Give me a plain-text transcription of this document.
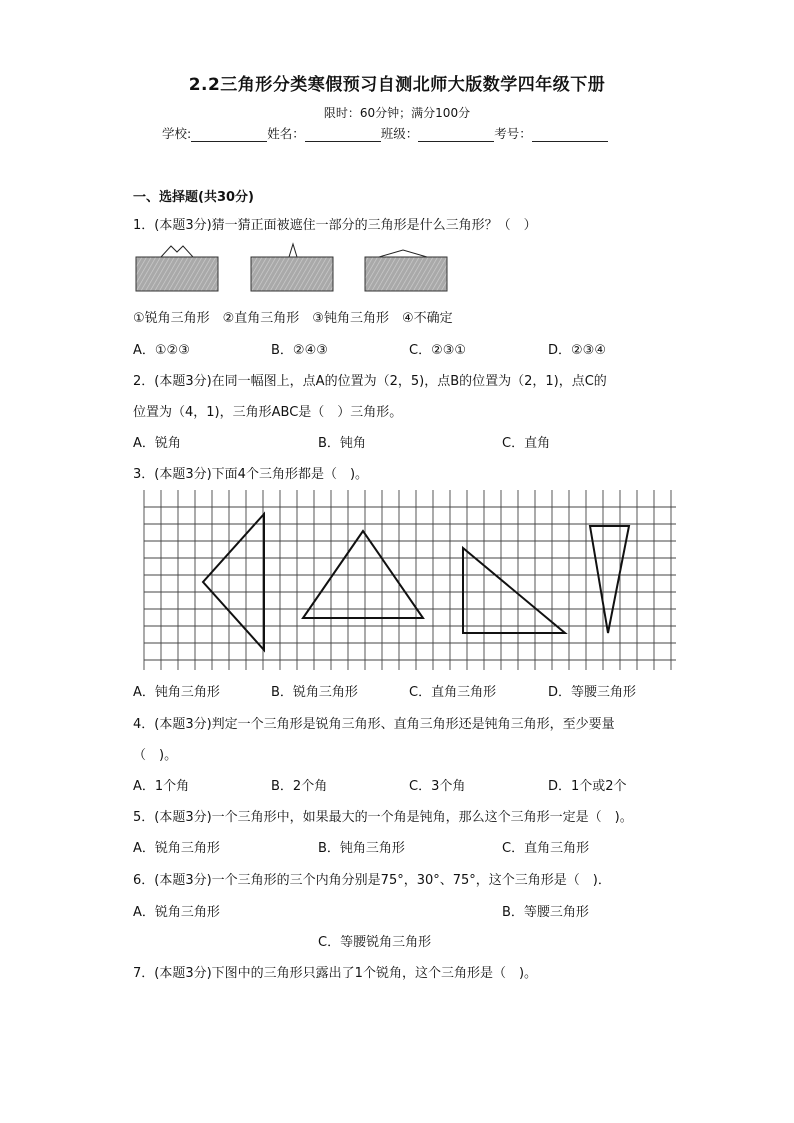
2.2三角形分类寒假预习自测北师大版数学四年级下册
限时：60分钟；满分100分
学校:	姓名：	班级：	考号：
一、选择题(共30分)
1．(本题3分)猜一猜正面被遮住一部分的三角形是什么三角形？（　）
①锐角三角形　②直角三角形　③钝角三角形　④不确定
A．①②③	B．②④③	C．②③①	D．②③④
2．(本题3分)在同一幅图上，点A的位置为（2，5)，点B的位置为（2，1)，点C的
位置为（4，1)，三角形ABC是（　）三角形。
A．锐角	B．钝角	C．直角
3．(本题3分)下面4个三角形都是（　)。
A．钝角三角形	B．锐角三角形	C．直角三角形	D．等腰三角形
4．(本题3分)判定一个三角形是锐角三角形、直角三角形还是钝角三角形，至少要量
（　)。
A．1个角	B．2个角	C．3个角	D．1个或2个
5．(本题3分)一个三角形中，如果最大的一个角是钝角，那么这个三角形一定是（　)。
A．锐角三角形	B．钝角三角形	C．直角三角形
6．(本题3分)一个三角形的三个内角分别是75°，30°、75°，这个三角形是（　)．
A．锐角三角形	B．等腰三角形
C．等腰锐角三角形
7．(本题3分)下图中的三角形只露出了1个锐角，这个三角形是（　)。
